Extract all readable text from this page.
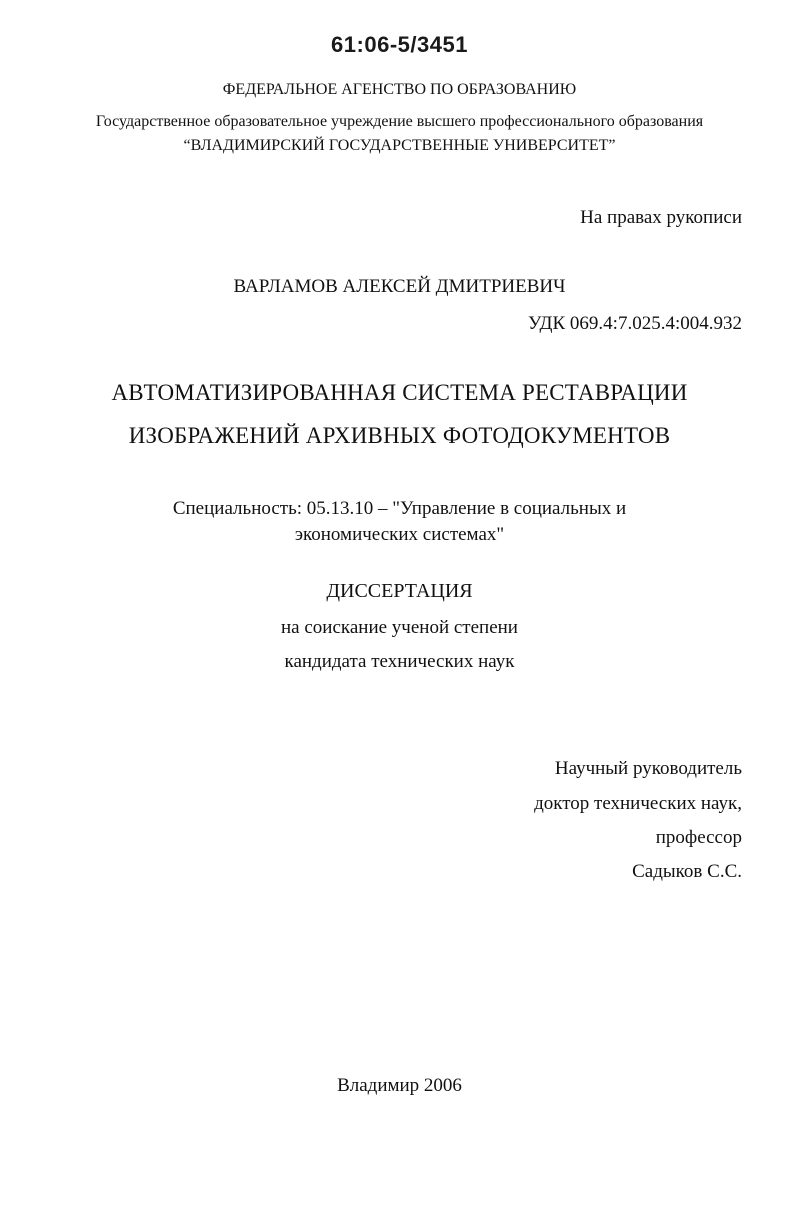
61:06-5/3451
ФЕДЕРАЛЬНОЕ АГЕНСТВО ПО ОБРАЗОВАНИЮ
Государственное образовательное учреждение высшего профессионального образования
“ВЛАДИМИРСКИЙ ГОСУДАРСТВЕННЫЕ УНИВЕРСИТЕТ”
На правах рукописи
ВАРЛАМОВ АЛЕКСЕЙ ДМИТРИЕВИЧ
УДК 069.4:7.025.4:004.932
АВТОМАТИЗИРОВАННАЯ СИСТЕМА РЕСТАВРАЦИИ
ИЗОБРАЖЕНИЙ АРХИВНЫХ ФОТОДОКУМЕНТОВ
Специальность: 05.13.10 – "Управление в социальных и
экономических системах"
ДИССЕРТАЦИЯ
на соискание ученой степени
кандидата технических наук
Научный руководитель
доктор технических наук,
профессор
Садыков С.С.
Владимир 2006
